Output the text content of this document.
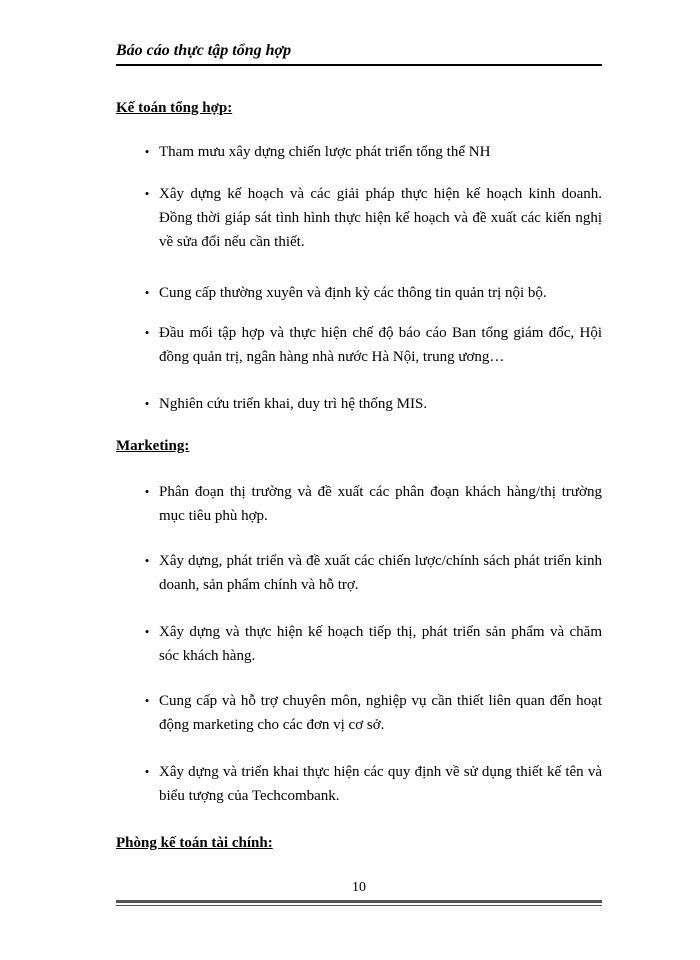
Báo cáo thực tập tổng hợp
Kế toán tổng hợp:
• Tham mưu xây dựng chiến lược phát triển tổng thể NH
• Xây dựng kế hoạch và các giải pháp thực hiện kế hoạch kinh doanh. Đồng thời giáp sát tình hình thực hiện kế hoạch và đề xuất các kiến nghị về sửa đổi nếu cần thiết.
• Cung cấp thường xuyên và định kỳ các thông tin quản trị nội bộ.
• Đầu mối tập hợp và thực hiện chế độ báo cáo Ban tổng giám đốc, Hội đồng quản trị, ngân hàng nhà nước Hà Nội, trung ương…
• Nghiên cứu triển khai, duy trì hệ thống MIS.
Marketing:
• Phân đoạn thị trường và đề xuất các phân đoạn khách hàng/thị trường mục tiêu phù hợp.
• Xây dựng, phát triển và đề xuất các chiến lược/chính sách phát triển kinh doanh, sản phẩm chính và hỗ trợ.
• Xây dựng và thực hiện kế hoạch tiếp thị, phát triển sản phẩm và chăm sóc khách hàng.
• Cung cấp và hỗ trợ chuyên môn, nghiệp vụ cần thiết liên quan đến hoạt động marketing cho các đơn vị cơ sở.
• Xây dựng và triển khai thực hiện các quy định về sử dụng thiết kế tên và biểu tượng của Techcombank.
Phòng kế toán tài chính:
10
